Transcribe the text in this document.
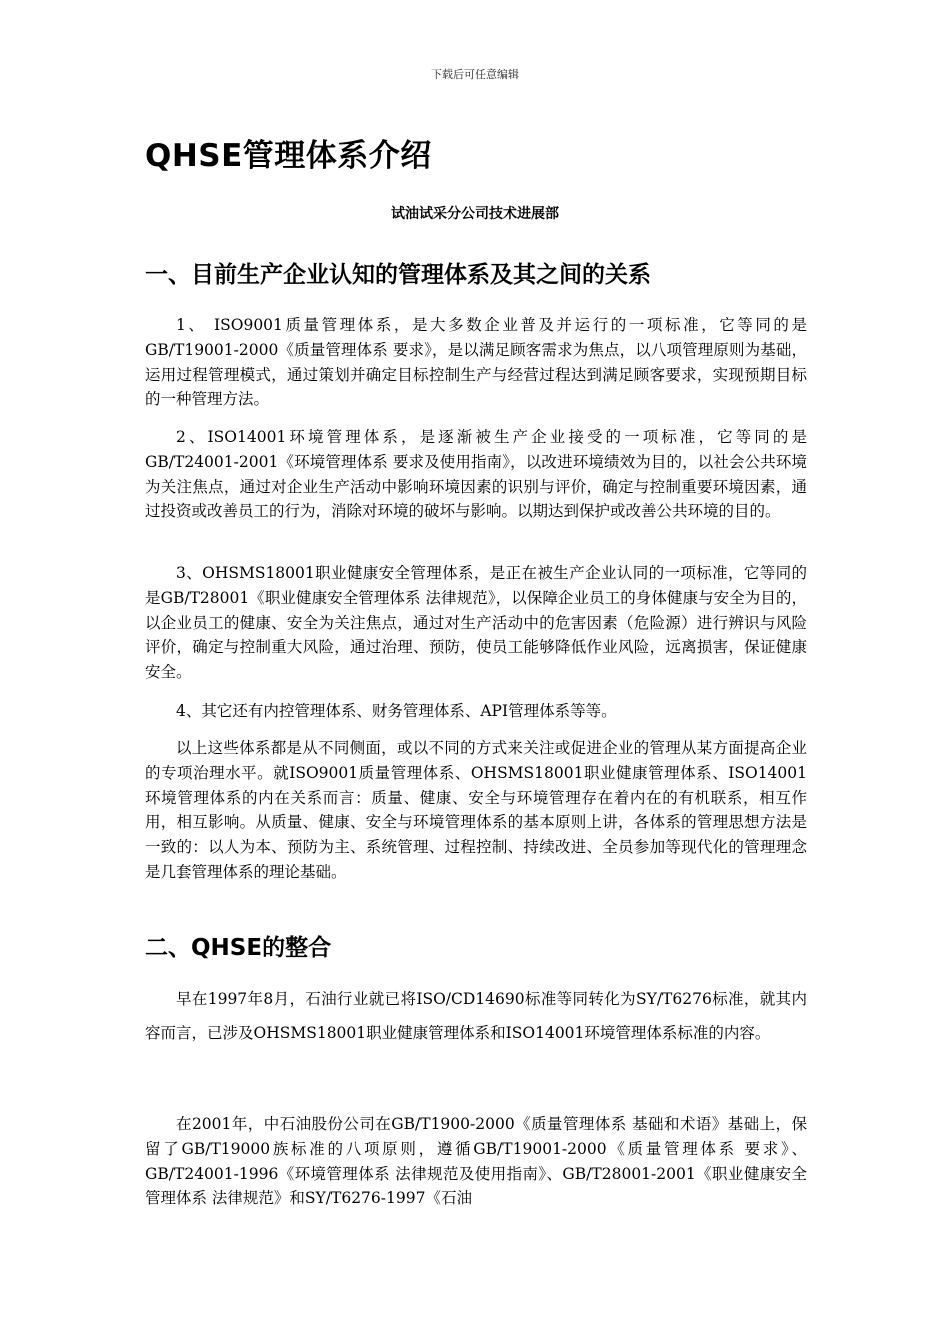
下载后可任意编辑
QHSE管理体系介绍
试油试采分公司技术进展部
一、目前生产企业认知的管理体系及其之间的关系

1、 ISO9001质量管理体系，是大多数企业普及并运行的一项标准，它等同的是GB/T19001-2000《质量管理体系 要求》，是以满足顾客需求为焦点，以八项管理原则为基础，运用过程管理模式，通过策划并确定目标控制生产与经营过程达到满足顾客要求，实现预期目标的一种管理方法。

2、ISO14001环境管理体系，是逐渐被生产企业接受的一项标准，它等同的是GB/T24001-2001《环境管理体系 要求及使用指南》，以改进环境绩效为目的，以社会公共环境为关注焦点，通过对企业生产活动中影响环境因素的识别与评价，确定与控制重要环境因素，通过投资或改善员工的行为，消除对环境的破坏与影响。以期达到保护或改善公共环境的目的。

3、OHSMS18001职业健康安全管理体系，是正在被生产企业认同的一项标准，它等同的是GB/T28001《职业健康安全管理体系 法律规范》，以保障企业员工的身体健康与安全为目的，以企业员工的健康、安全为关注焦点，通过对生产活动中的危害因素（危险源）进行辨识与风险评价，确定与控制重大风险，通过治理、预防，使员工能够降低作业风险，远离损害，保证健康安全。

4、其它还有内控管理体系、财务管理体系、API管理体系等等。

以上这些体系都是从不同侧面，或以不同的方式来关注或促进企业的管理从某方面提高企业的专项治理水平。就ISO9001质量管理体系、OHSMS18001职业健康管理体系、ISO14001环境管理体系的内在关系而言：质量、健康、安全与环境管理存在着内在的有机联系，相互作用，相互影响。从质量、健康、安全与环境管理体系的基本原则上讲，各体系的管理思想方法是一致的：以人为本、预防为主、系统管理、过程控制、持续改进、全员参加等现代化的管理理念是几套管理体系的理论基础。

二、QHSE的整合

早在1997年8月，石油行业就已将ISO/CD14690标准等同转化为SY/T6276标准，就其内容而言，已涉及OHSMS18001职业健康管理体系和ISO14001环境管理体系标准的内容。

在2001年，中石油股份公司在GB/T1900-2000《质量管理体系 基础和术语》基础上，保留了GB/T19000族标准的八项原则，遵循GB/T19001-2000《质量管理体系 要求》、GB/T24001-1996《环境管理体系 法律规范及使用指南》、GB/T28001-2001《职业健康安全管理体系 法律规范》和SY/T6276-1997《石油
